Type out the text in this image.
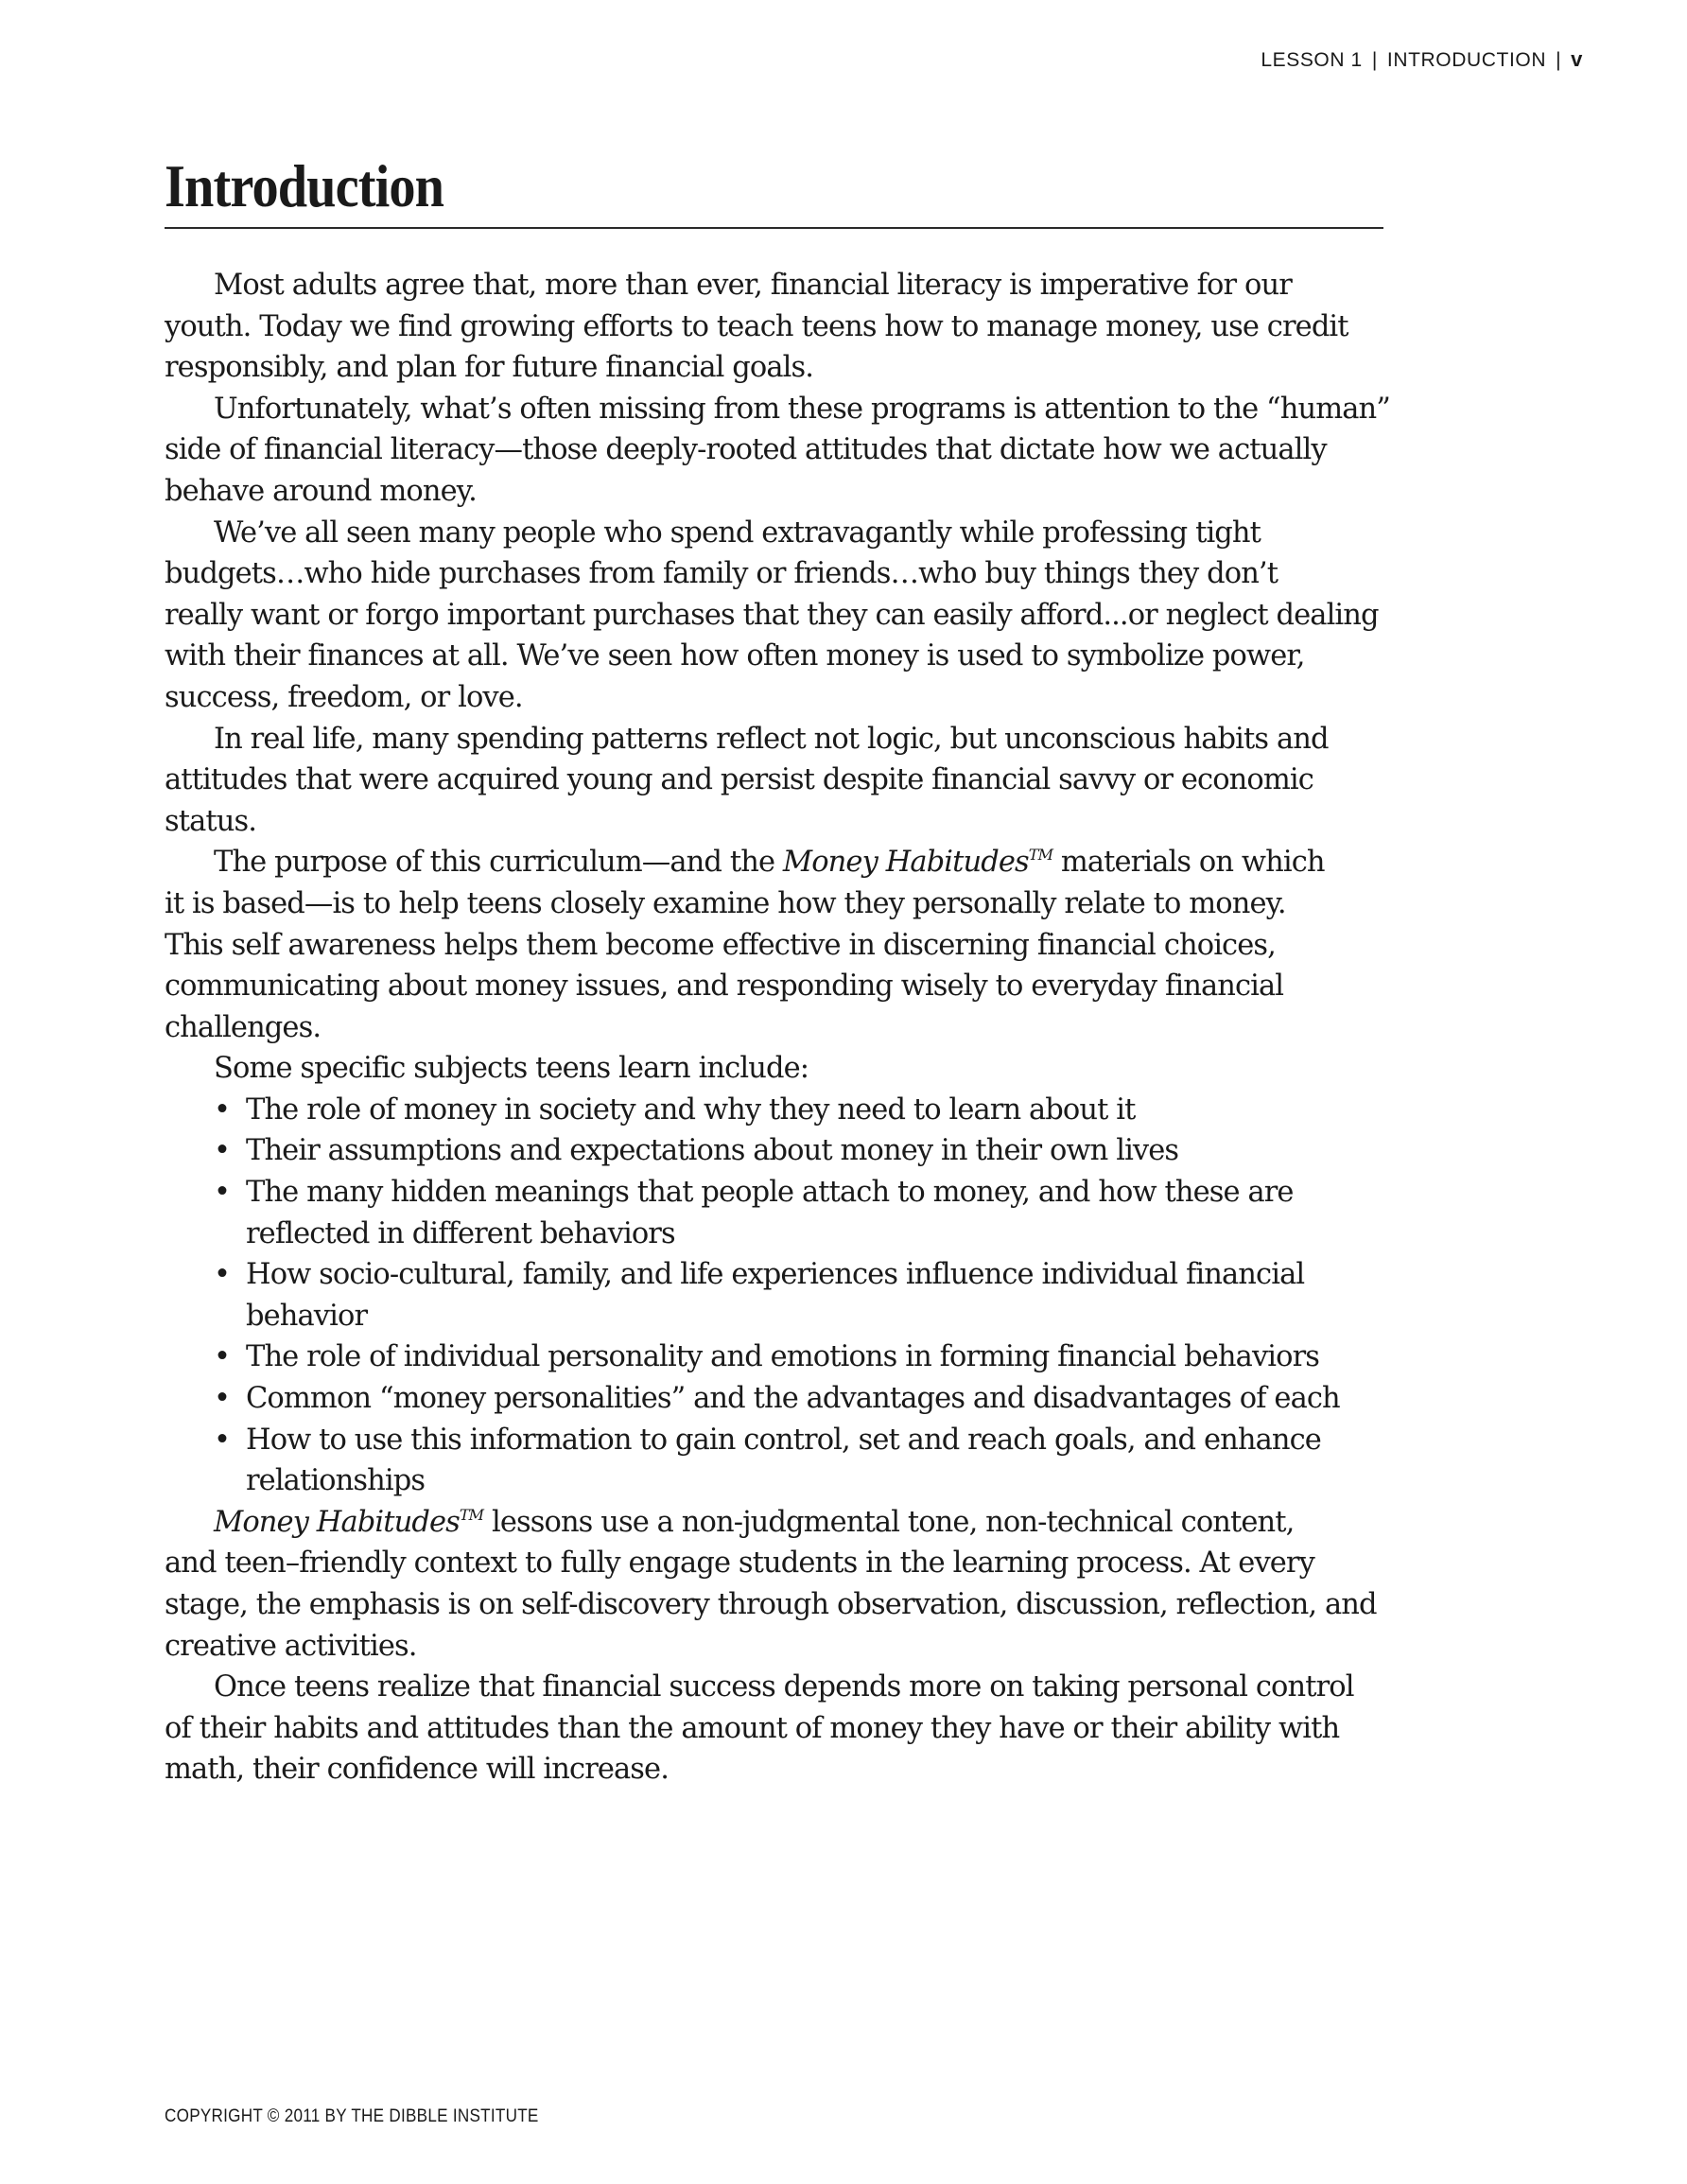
LESSON 1 | INTRODUCTION | v
Introduction
Most adults agree that, more than ever, financial literacy is imperative for our
youth. Today we find growing efforts to teach teens how to manage money, use credit
responsibly, and plan for future financial goals.
Unfortunately, what’s often missing from these programs is attention to the “human”
side of financial literacy—those deeply-rooted attitudes that dictate how we actually
behave around money.
We’ve all seen many people who spend extravagantly while professing tight
budgets…who hide purchases from family or friends…who buy things they don’t
really want or forgo important purchases that they can easily afford...or neglect dealing
with their finances at all. We’ve seen how often money is used to symbolize power,
success, freedom, or love.
In real life, many spending patterns reflect not logic, but unconscious habits and
attitudes that were acquired young and persist despite financial savvy or economic
status.
The purpose of this curriculum—and the Money Habitudes™ materials on which
it is based—is to help teens closely examine how they personally relate to money.
This self awareness helps them become effective in discerning financial choices,
communicating about money issues, and responding wisely to everyday financial
challenges.
Some specific subjects teens learn include:
• The role of money in society and why they need to learn about it
• Their assumptions and expectations about money in their own lives
• The many hidden meanings that people attach to money, and how these are
reflected in different behaviors
• How socio-cultural, family, and life experiences influence individual financial
behavior
• The role of individual personality and emotions in forming financial behaviors
• Common “money personalities” and the advantages and disadvantages of each
• How to use this information to gain control, set and reach goals, and enhance
relationships
Money Habitudes™ lessons use a non-judgmental tone, non-technical content,
and teen–friendly context to fully engage students in the learning process. At every
stage, the emphasis is on self-discovery through observation, discussion, reflection, and
creative activities.
Once teens realize that financial success depends more on taking personal control
of their habits and attitudes than the amount of money they have or their ability with
math, their confidence will increase.
COPYRIGHT © 2011 BY THE DIBBLE INSTITUTE
